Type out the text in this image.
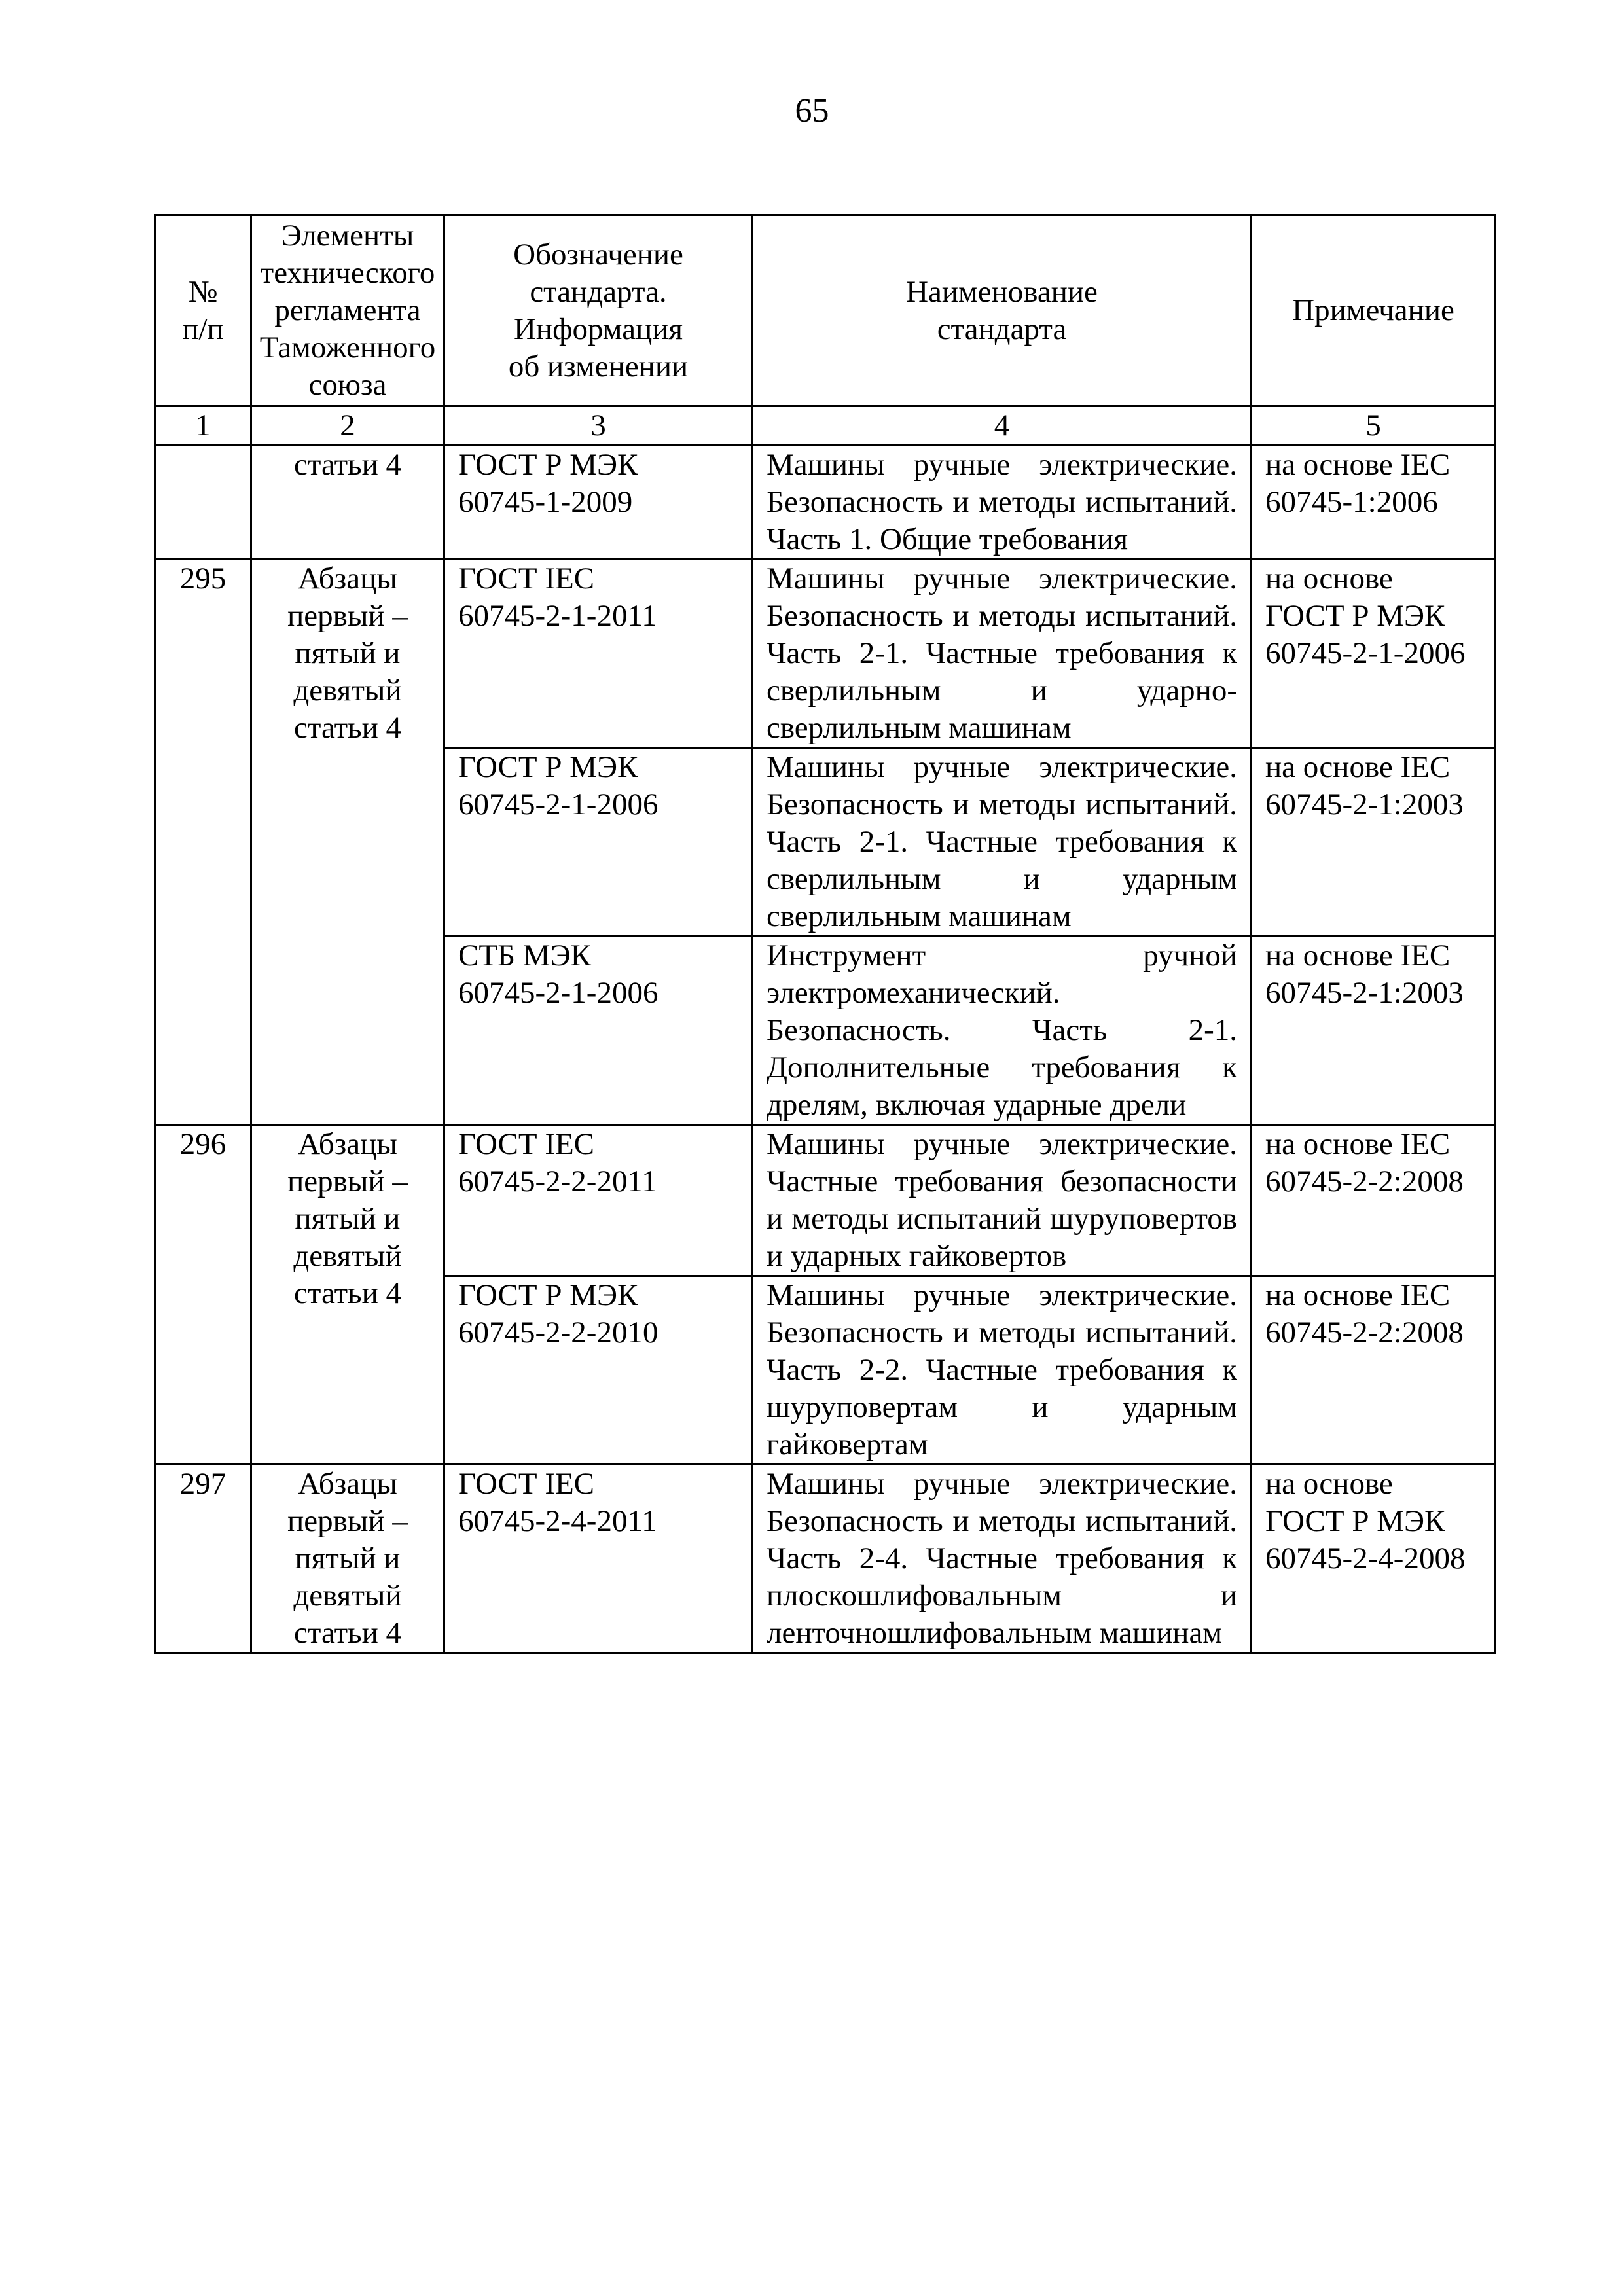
65
№
п/п	Элементы
технического
регламента
Таможенного
союза	Обозначение
стандарта.
Информация
об изменении	Наименование
стандарта	Примечание
1	2	3	4	5
	статьи 4	ГОСТ Р МЭК
60745-1-2009	Машины ручные электрические. Безопасность и методы испытаний. Часть 1. Общие требования	на основе IEC
60745-1:2006
295	Абзацы
первый –
пятый и
девятый
статьи 4	ГОСТ IEC
60745-2-1-2011	Машины ручные электрические. Безопасность и методы испытаний. Часть 2-1. Частные требования к сверлильным и ударно-сверлильным машинам	на основе
ГОСТ Р МЭК
60745-2-1-2006
		ГОСТ Р МЭК
60745-2-1-2006	Машины ручные электрические. Безопасность и методы испытаний. Часть 2-1. Частные требования к сверлильным и ударным сверлильным машинам	на основе IEC
60745-2-1:2003
		СТБ МЭК
60745-2-1-2006	Инструмент ручной электромеханический. Безопасность. Часть 2-1. Дополнительные требования к дрелям, включая ударные дрели	на основе IEC
60745-2-1:2003
296	Абзацы
первый –
пятый и
девятый
статьи 4	ГОСТ IEC
60745-2-2-2011	Машины ручные электрические. Частные требования безопасности и методы испытаний шуруповертов и ударных гайковертов	на основе IEC
60745-2-2:2008
		ГОСТ Р МЭК
60745-2-2-2010	Машины ручные электрические. Безопасность и методы испытаний. Часть 2-2. Частные требования к шуруповертам и ударным гайковертам	на основе IEC
60745-2-2:2008
297	Абзацы
первый –
пятый и
девятый
статьи 4	ГОСТ IEC
60745-2-4-2011	Машины ручные электрические. Безопасность и методы испытаний. Часть 2-4. Частные требования к плоскошлифовальным и ленточношлифовальным машинам	на основе
ГОСТ Р МЭК
60745-2-4-2008
